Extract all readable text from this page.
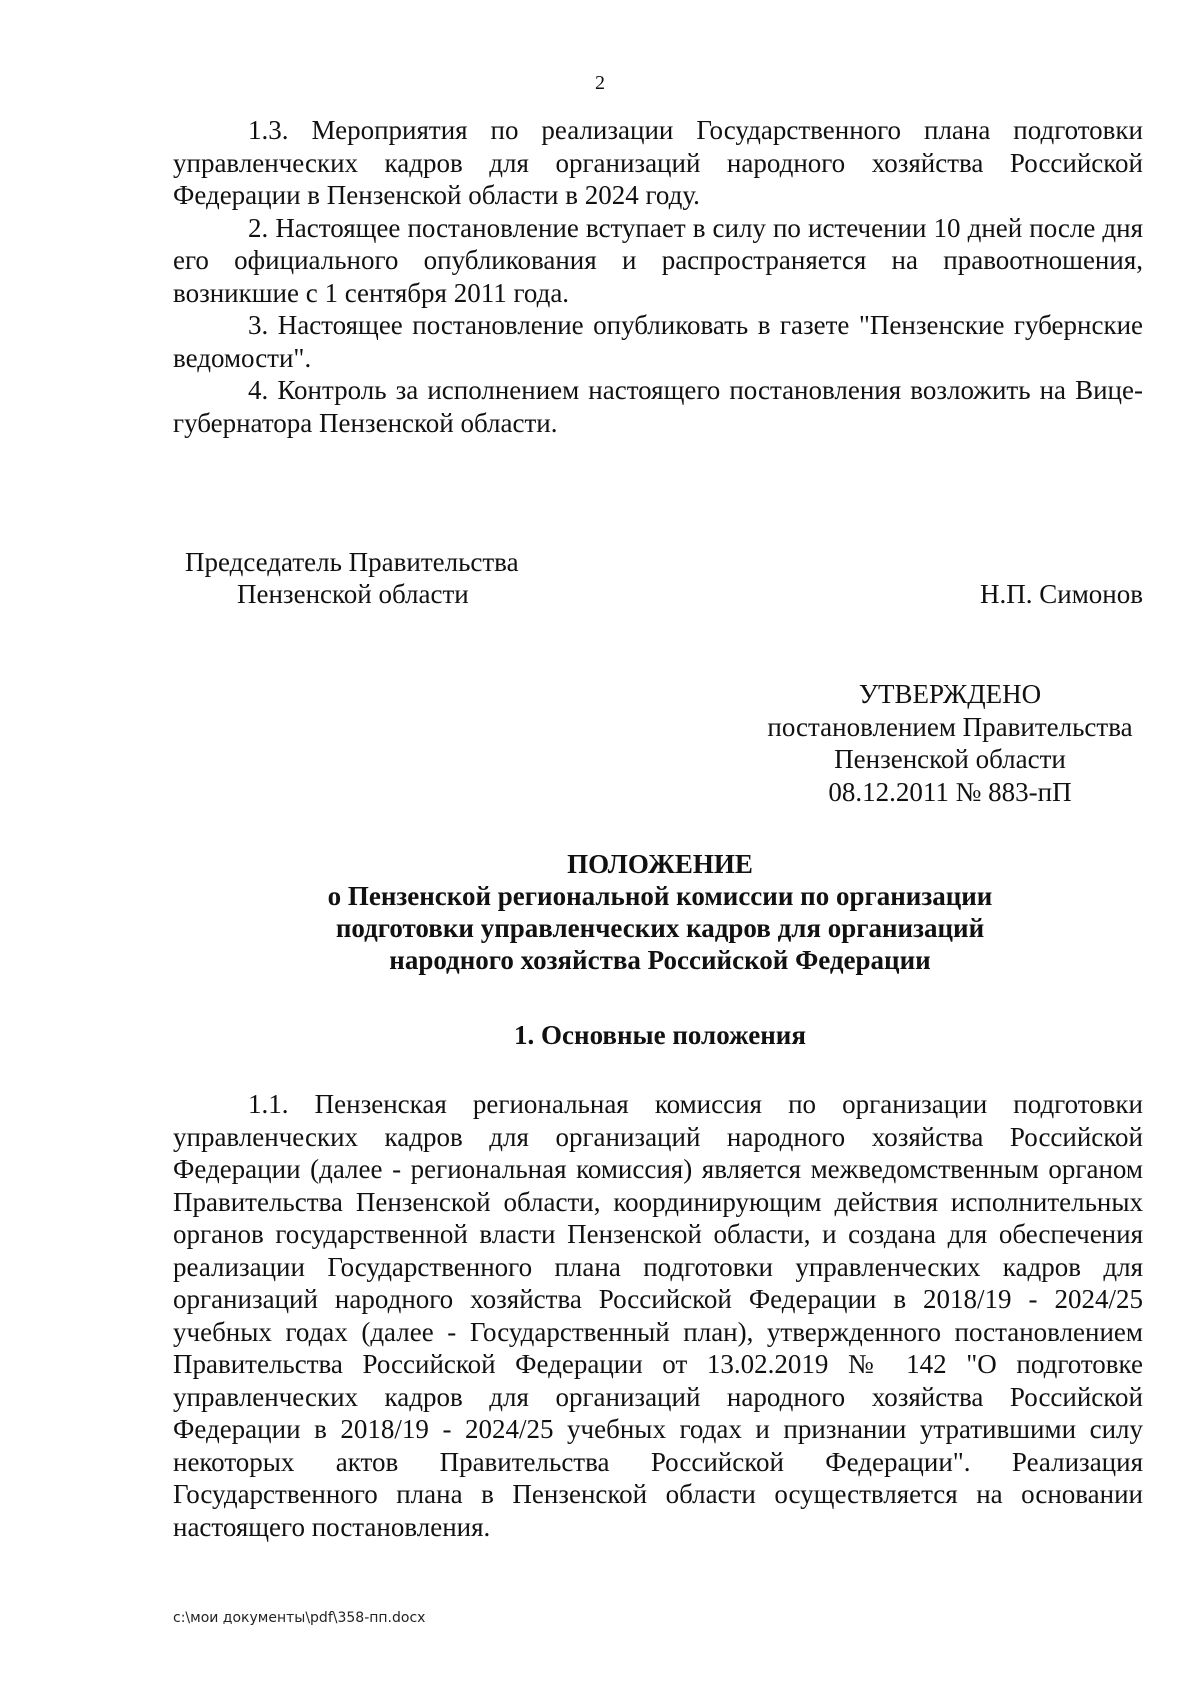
2

1.3. Мероприятия по реализации Государственного плана подготовки управленческих кадров для организаций народного хозяйства Российской Федерации в Пензенской области в 2024 году.

2. Настоящее постановление вступает в силу по истечении 10 дней после дня его официального опубликования и распространяется на правоотношения, возникшие с 1 сентября 2011 года.

3. Настоящее постановление опубликовать в газете "Пензенские губернские ведомости".

4. Контроль за исполнением настоящего постановления возложить на Вице-губернатора Пензенской области.

Председатель Правительства
Пензенской области	Н.П. Симонов
УТВЕРЖДЕНО
постановлением Правительства
Пензенской области
08.12.2011 № 883-пП
ПОЛОЖЕНИЕ
о Пензенской региональной комиссии по организации
подготовки управленческих кадров для организаций
народного хозяйства Российской Федерации
1. Основные положения

1.1. Пензенская региональная комиссия по организации подготовки управленческих кадров для организаций народного хозяйства Российской Федерации (далее - региональная комиссия) является межведомственным органом Правительства Пензенской области, координирующим действия исполнительных органов государственной власти Пензенской области, и создана для обеспечения реализации Государственного плана подготовки управленческих кадров для организаций народного хозяйства Российской Федерации в 2018/19 - 2024/25 учебных годах (далее - Государственный план), утвержденного постановлением Правительства Российской Федерации от 13.02.2019 № 142 "О подготовке управленческих кадров для организаций народного хозяйства Российской Федерации в 2018/19 - 2024/25 учебных годах и признании утратившими силу некоторых актов Правительства Российской Федерации". Реализация Государственного плана в Пензенской области осуществляется на основании настоящего постановления.

c:\мои документы\pdf\358-пп.docx
